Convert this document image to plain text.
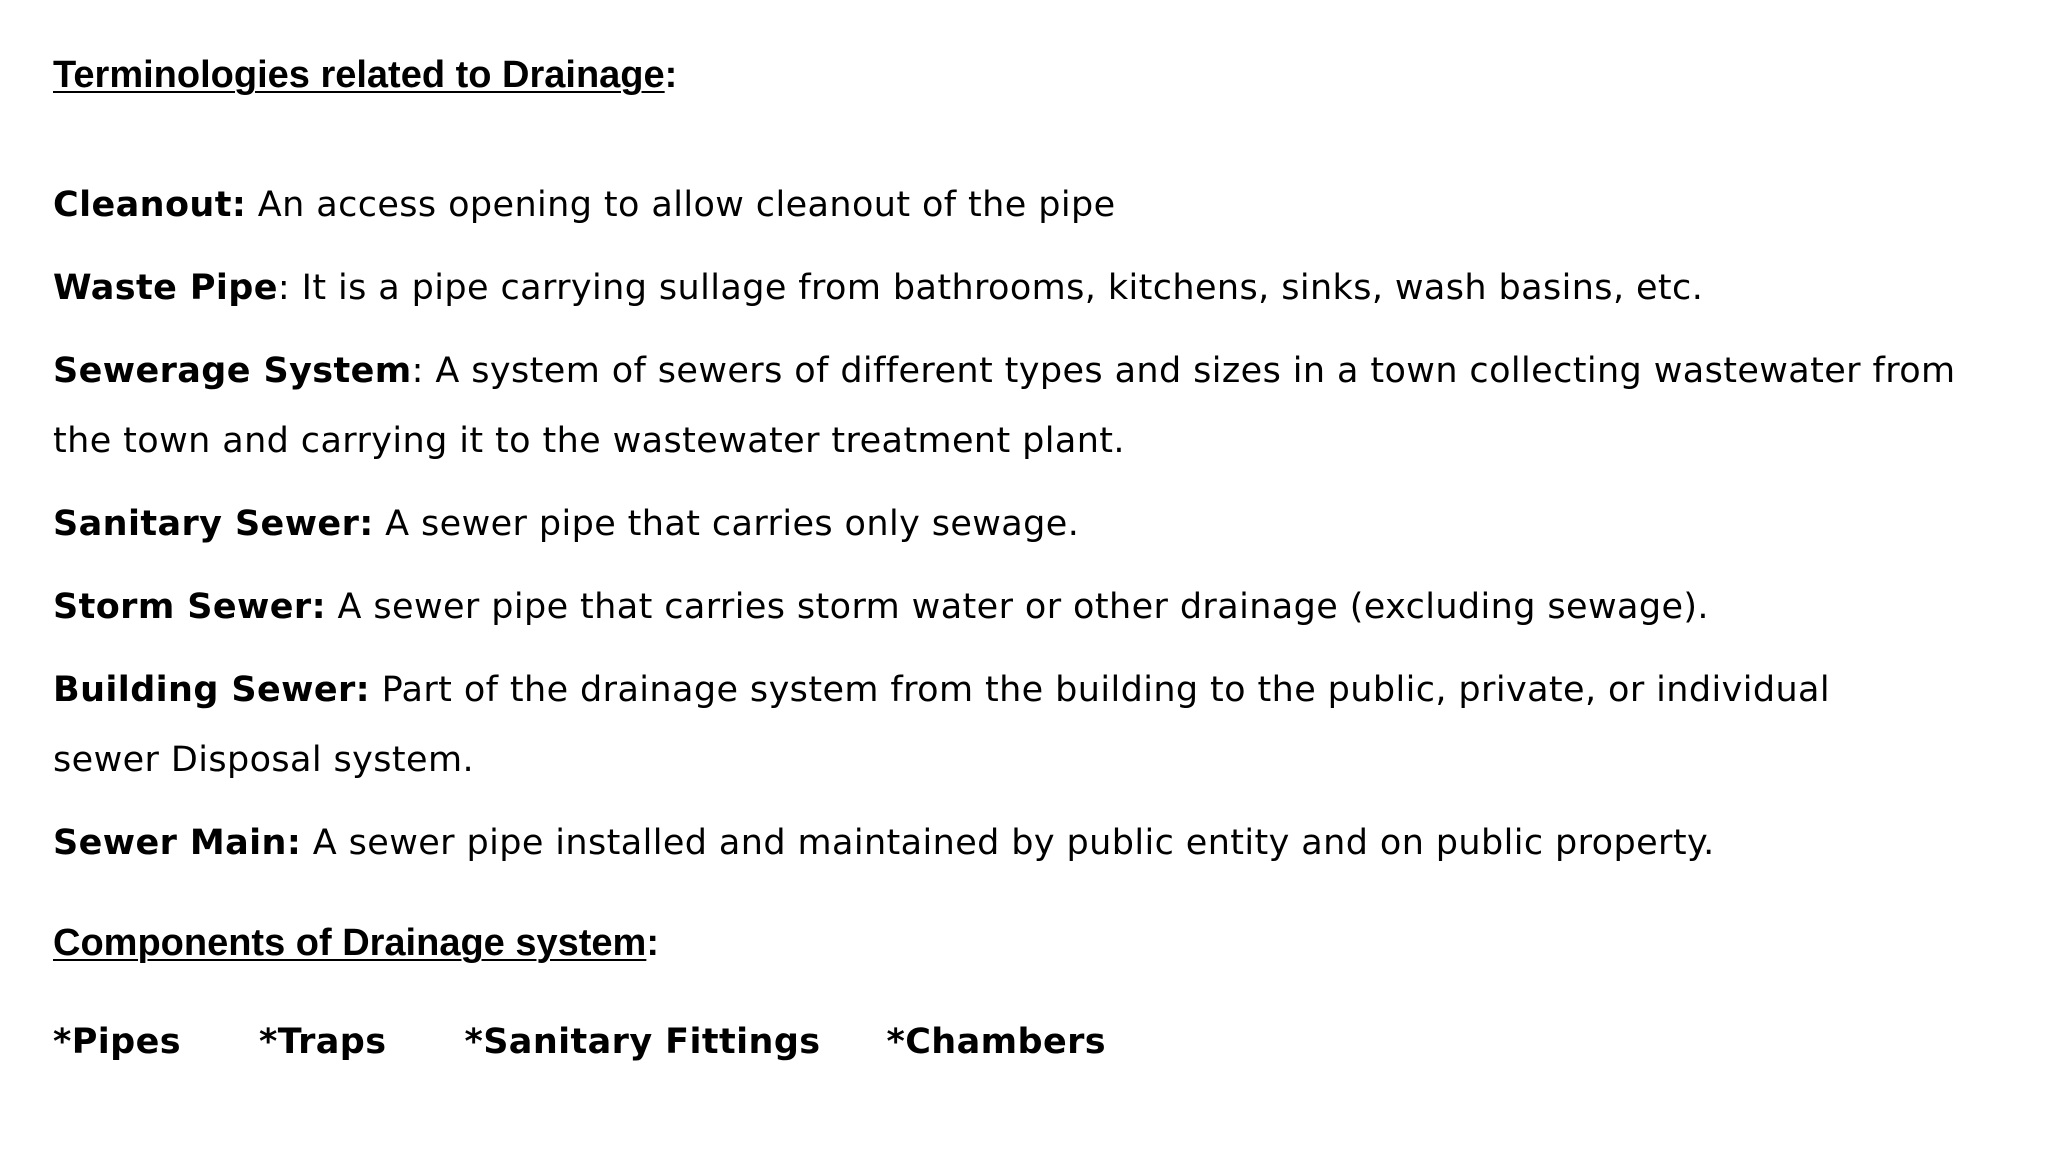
Terminologies related to Drainage:
Cleanout: An access opening to allow cleanout of the pipe
Waste Pipe: It is a pipe carrying sullage from bathrooms, kitchens, sinks, wash basins, etc.
Sewerage System: A system of sewers of different types and sizes in a town collecting wastewater from the town and carrying it to the wastewater treatment plant.
Sanitary Sewer: A sewer pipe that carries only sewage.
Storm Sewer: A sewer pipe that carries storm water or other drainage (excluding sewage).
Building Sewer: Part of the drainage system from the building to the public, private, or individual sewer Disposal system.
Sewer Main: A sewer pipe installed and maintained by public entity and on public property.
Components of Drainage system:
*Pipes *Traps *Sanitary Fittings *Chambers
